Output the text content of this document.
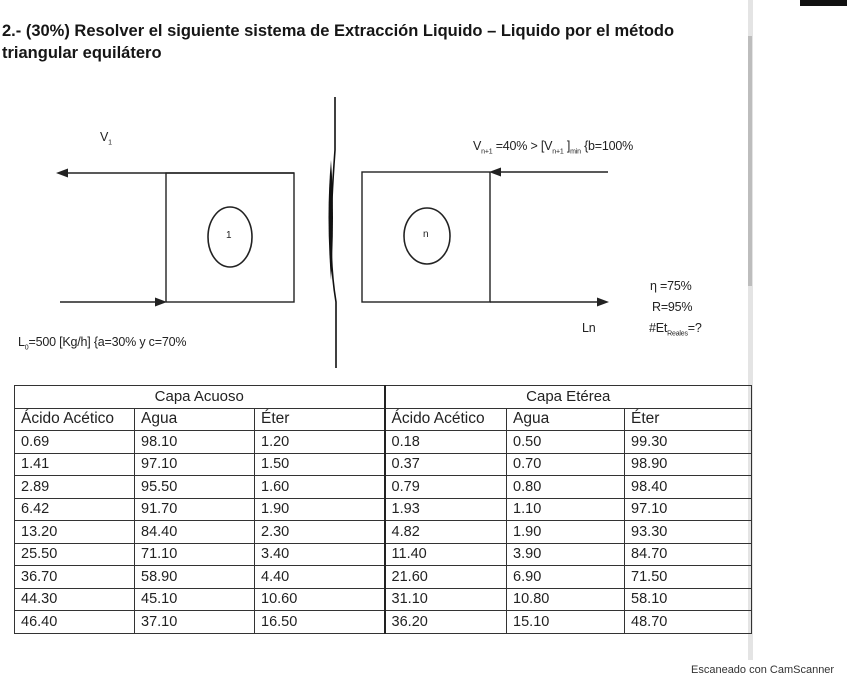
2.- (30%) Resolver el siguiente sistema de Extracción Liquido – Liquido por el método triangular equilátero
$V_1$
1	n
$V_{n+1} =40\% > [V_{n+1}$ ]$_{min}$ {b=100%
$L_0=500$ [Kg/h] {a=30% y c=70%
Ln
η =75%
R=95%
$\#Et_{Reales}=$?
Capa Acuoso			Capa Etérea		
Ácido Acético	Agua	Éter	Ácido Acético	Agua	Éter
0.69	98.10	1.20	0.18	0.50	99.30
1.41	97.10	1.50	0.37	0.70	98.90
2.89	95.50	1.60	0.79	0.80	98.40
6.42	91.70	1.90	1.93	1.10	97.10
13.20	84.40	2.30	4.82	1.90	93.30
25.50	71.10	3.40	11.40	3.90	84.70
36.70	58.90	4.40	21.60	6.90	71.50
44.30	45.10	10.60	31.10	10.80	58.10
46.40	37.10	16.50	36.20	15.10	48.70
Escaneado con CamScanner
